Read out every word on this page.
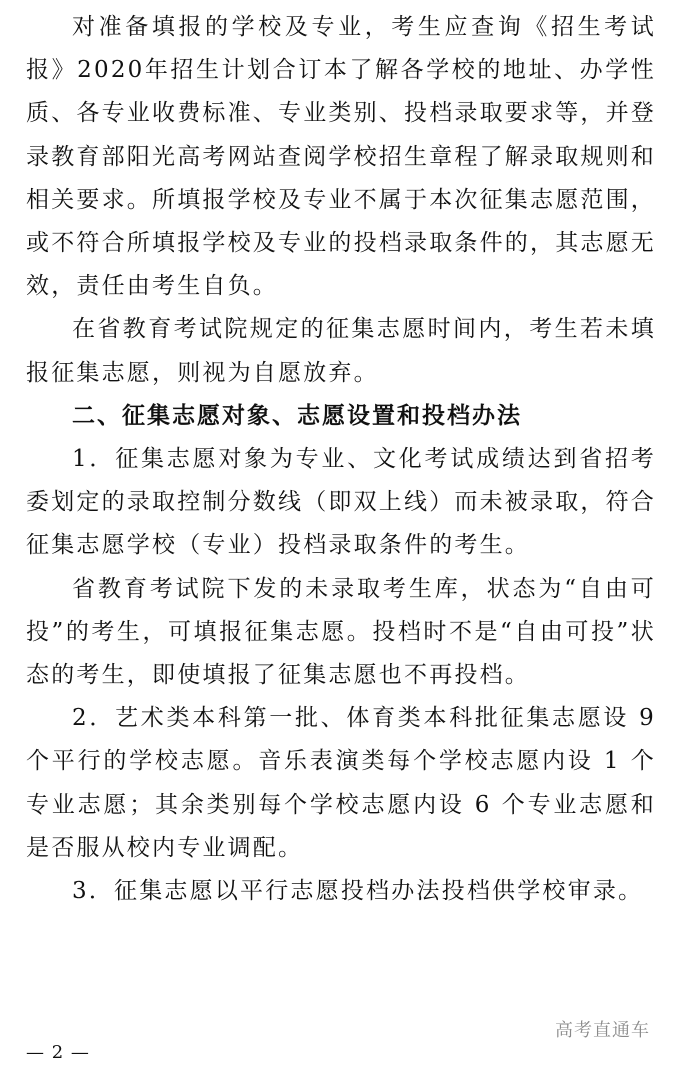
对准备填报的学校及专业，考生应查询《招生考试报》2020年招生计划合订本了解各学校的地址、办学性质、各专业收费标准、专业类别、投档录取要求等，并登录教育部阳光高考网站查阅学校招生章程了解录取规则和相关要求。所填报学校及专业不属于本次征集志愿范围，或不符合所填报学校及专业的投档录取条件的，其志愿无效，责任由考生自负。

在省教育考试院规定的征集志愿时间内，考生若未填报征集志愿，则视为自愿放弃。

二、征集志愿对象、志愿设置和投档办法

1．征集志愿对象为专业、文化考试成绩达到省招考委划定的录取控制分数线（即双上线）而未被录取，符合征集志愿学校（专业）投档录取条件的考生。

省教育考试院下发的未录取考生库，状态为“自由可投”的考生，可填报征集志愿。投档时不是“自由可投”状态的考生，即使填报了征集志愿也不再投档。

2．艺术类本科第一批、体育类本科批征集志愿设 9 个平行的学校志愿。音乐表演类每个学校志愿内设 1 个专业志愿；其余类别每个学校志愿内设 6 个专业志愿和是否服从校内专业调配。

3．征集志愿以平行志愿投档办法投档供学校审录。

高考直通车
— 2 —
